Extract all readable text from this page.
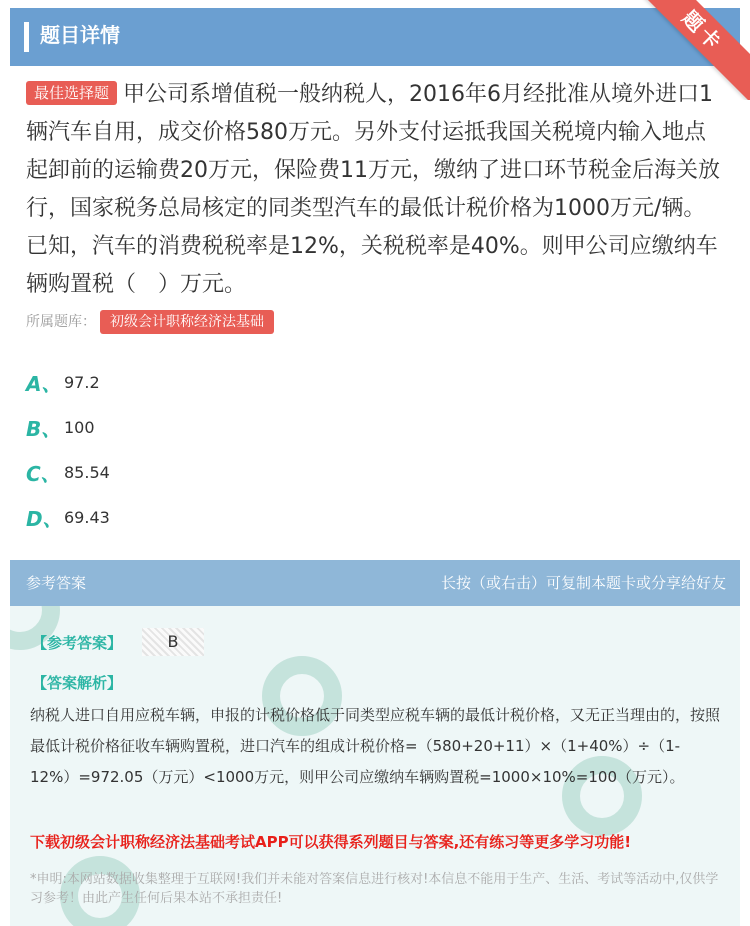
题目详情	题卡
最佳选择题 甲公司系增值税一般纳税人，2016年6月经批准从境外进口1辆汽车自用，成交价格580万元。另外支付运抵我国关税境内输入地点起卸前的运输费20万元，保险费11万元，缴纳了进口环节税金后海关放行，国家税务总局核定的同类型汽车的最低计税价格为1000万元/辆。已知，汽车的消费税税率是12%，关税税率是40%。则甲公司应缴纳车辆购置税（　）万元。
所属题库： 初级会计职称经济法基础
A、 97.2
B、 100
C、 85.54
D、 69.43
参考答案	长按（或右击）可复制本题卡或分享给好友
【参考答案】	B
【答案解析】
纳税人进口自用应税车辆，申报的计税价格低于同类型应税车辆的最低计税价格，又无正当理由的，按照最低计税价格征收车辆购置税，进口汽车的组成计税价格=（580+20+11）×（1+40%）÷（1-12%）=972.05（万元）<1000万元，则甲公司应缴纳车辆购置税=1000×10%=100（万元）。
下载初级会计职称经济法基础考试APP可以获得系列题目与答案,还有练习等更多学习功能!
*申明:本网站数据收集整理于互联网!我们并未能对答案信息进行核对!本信息不能用于生产、生活、考试等活动中,仅供学习参考！由此产生任何后果本站不承担责任!
